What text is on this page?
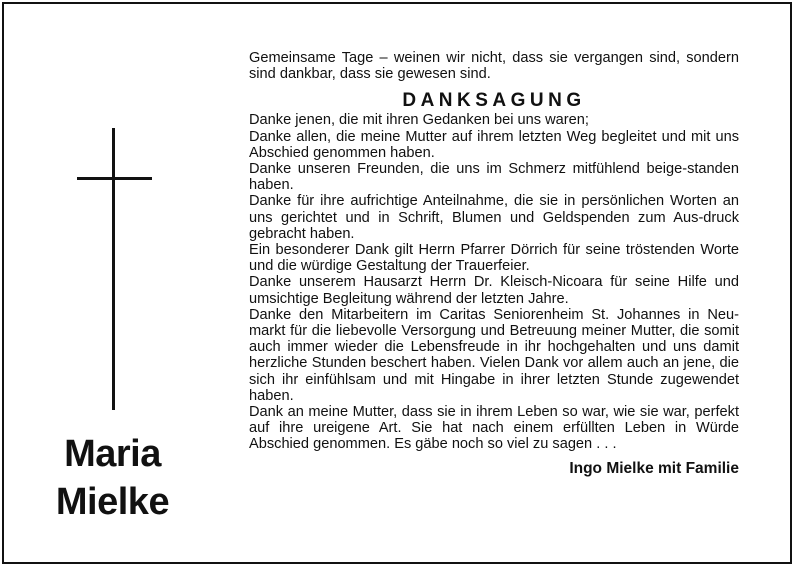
Maria
Mielke

Gemeinsame Tage – weinen wir nicht, dass sie vergangen sind, sondern sind dankbar, dass sie gewesen sind.

DANKSAGUNG

Danke jenen, die mit ihren Gedanken bei uns waren;

Danke allen, die meine Mutter auf ihrem letzten Weg begleitet und mit uns Abschied genommen haben.

Danke unseren Freunden, die uns im Schmerz mitfühlend beige-standen haben.

Danke für ihre aufrichtige Anteilnahme, die sie in persönlichen Worten an uns gerichtet und in Schrift, Blumen und Geldspenden zum Aus-druck gebracht haben.

Ein besonderer Dank gilt Herrn Pfarrer Dörrich für seine tröstenden Worte und die würdige Gestaltung der Trauerfeier.

Danke unserem Hausarzt Herrn Dr. Kleisch-Nicoara für seine Hilfe und umsichtige Begleitung während der letzten Jahre.

Danke den Mitarbeitern im Caritas Seniorenheim St. Johannes in Neu-markt für die liebevolle Versorgung und Betreuung meiner Mutter, die somit auch immer wieder die Lebensfreude in ihr hochgehalten und uns damit herzliche Stunden beschert haben. Vielen Dank vor allem auch an jene, die sich ihr einfühlsam und mit Hingabe in ihrer letzten Stunde zugewendet haben.

Dank an meine Mutter, dass sie in ihrem Leben so war, wie sie war, perfekt auf ihre ureigene Art. Sie hat nach einem erfüllten Leben in Würde Abschied genommen. Es gäbe noch so viel zu sagen . . .

Ingo Mielke mit Familie
